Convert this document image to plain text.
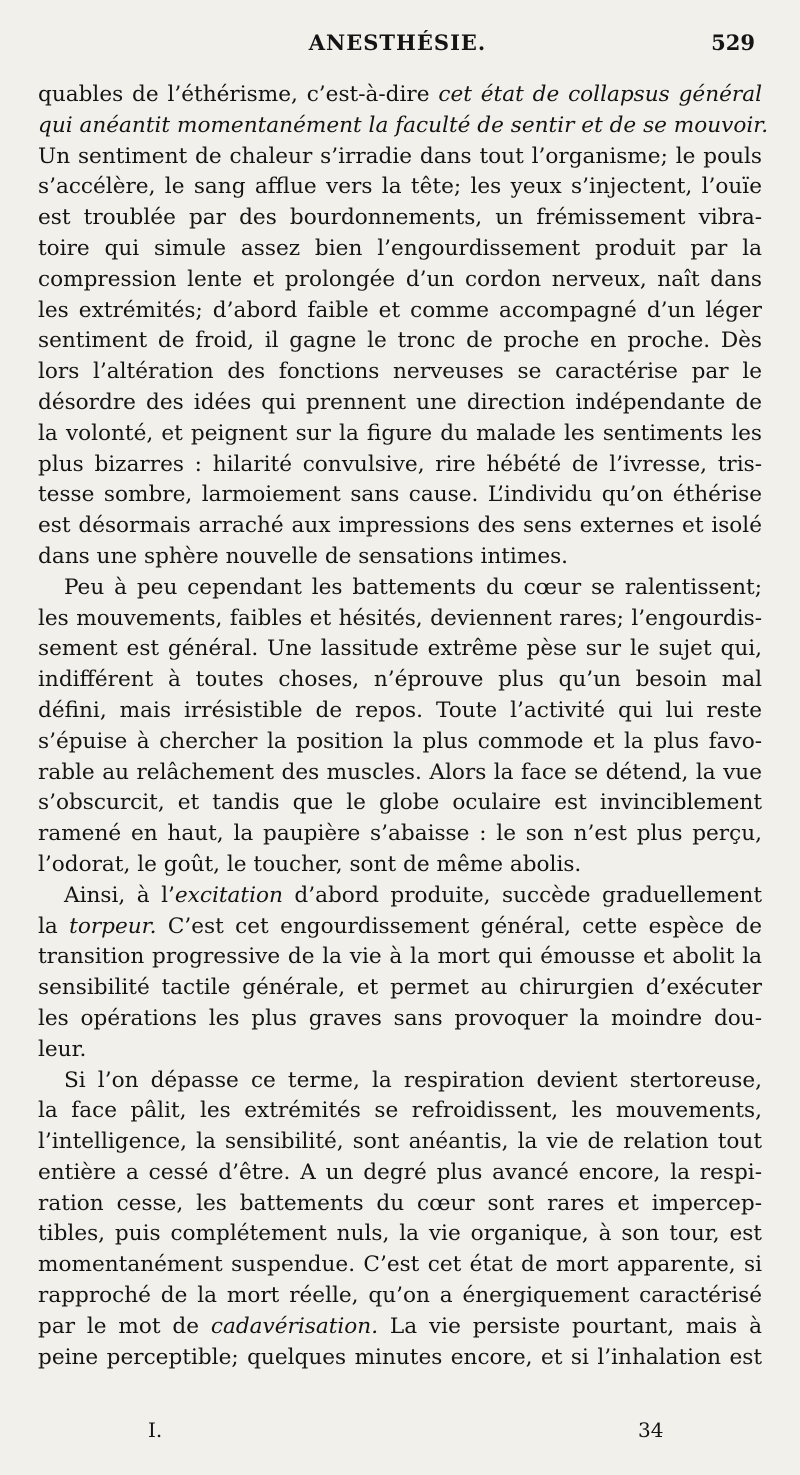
ANESTHÉSIE.	529
quables de l’éthérisme, c’est-à-dire cet état de collapsus général
qui anéantit momentanément la faculté de sentir et de se mouvoir.
Un sentiment de chaleur s’irradie dans tout l’organisme; le pouls
s’accélère, le sang afflue vers la tête; les yeux s’injectent, l’ouïe
est troublée par des bourdonnements, un frémissement vibra-
toire qui simule assez bien l’engourdissement produit par la
compression lente et prolongée d’un cordon nerveux, naît dans
les extrémités; d’abord faible et comme accompagné d’un léger
sentiment de froid, il gagne le tronc de proche en proche. Dès
lors l’altération des fonctions nerveuses se caractérise par le
désordre des idées qui prennent une direction indépendante de
la volonté, et peignent sur la figure du malade les sentiments les
plus bizarres : hilarité convulsive, rire hébété de l’ivresse, tris-
tesse sombre, larmoiement sans cause. L’individu qu’on éthérise
est désormais arraché aux impressions des sens externes et isolé
dans une sphère nouvelle de sensations intimes.
Peu à peu cependant les battements du cœur se ralentissent;
les mouvements, faibles et hésités, deviennent rares; l’engourdis-
sement est général. Une lassitude extrême pèse sur le sujet qui,
indifférent à toutes choses, n’éprouve plus qu’un besoin mal
défini, mais irrésistible de repos. Toute l’activité qui lui reste
s’épuise à chercher la position la plus commode et la plus favo-
rable au relâchement des muscles. Alors la face se détend, la vue
s’obscurcit, et tandis que le globe oculaire est invinciblement
ramené en haut, la paupière s’abaisse : le son n’est plus perçu,
l’odorat, le goût, le toucher, sont de même abolis.
Ainsi, à l’excitation d’abord produite, succède graduellement
la torpeur. C’est cet engourdissement général, cette espèce de
transition progressive de la vie à la mort qui émousse et abolit la
sensibilité tactile générale, et permet au chirurgien d’exécuter
les opérations les plus graves sans provoquer la moindre dou-
leur.
Si l’on dépasse ce terme, la respiration devient stertoreuse,
la face pâlit, les extrémités se refroidissent, les mouvements,
l’intelligence, la sensibilité, sont anéantis, la vie de relation tout
entière a cessé d’être. A un degré plus avancé encore, la respi-
ration cesse, les battements du cœur sont rares et impercep-
tibles, puis complétement nuls, la vie organique, à son tour, est
momentanément suspendue. C’est cet état de mort apparente, si
rapproché de la mort réelle, qu’on a énergiquement caractérisé
par le mot de cadavérisation. La vie persiste pourtant, mais à
peine perceptible; quelques minutes encore, et si l’inhalation est
I.	34
